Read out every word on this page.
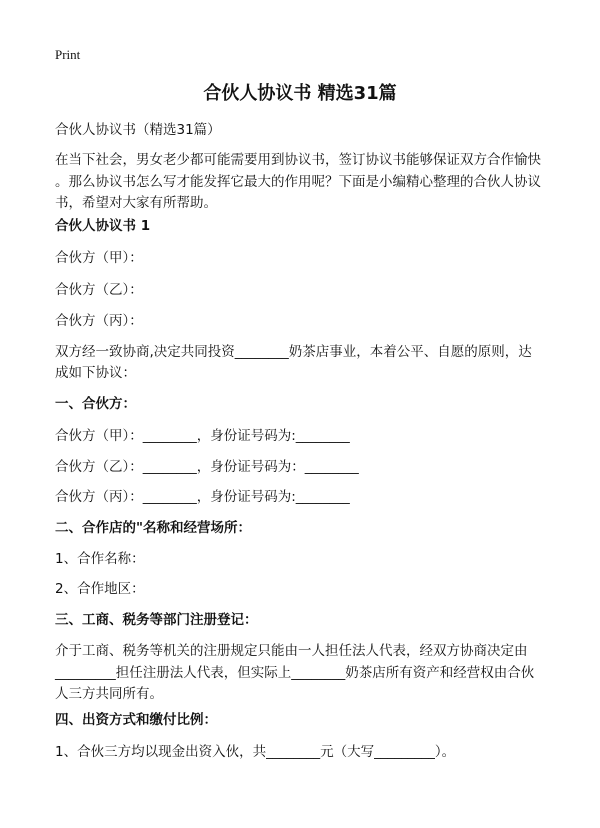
Print
合伙人协议书 精选31篇
合伙人协议书（精选31篇）
在当下社会，男女老少都可能需要用到协议书，签订协议书能够保证双方合作愉快
。那么协议书怎么写才能发挥它最大的作用呢？下面是小编精心整理的合伙人协议
书，希望对大家有所帮助。
合伙人协议书 1
合伙方（甲）：
合伙方（乙）：
合伙方（丙）：
双方经一致协商,决定共同投资________奶茶店事业，本着公平、自愿的原则，达
成如下协议：
一、合伙方：
合伙方（甲）：________，身份证号码为:________
合伙方（乙）：________，身份证号码为：________
合伙方（丙）：________，身份证号码为:________
二、合作店的"名称和经营场所：
1、合作名称：
2、合作地区：
三、工商、税务等部门注册登记：
介于工商、税务等机关的注册规定只能由一人担任法人代表，经双方协商决定由
_________担任注册法人代表，但实际上________奶茶店所有资产和经营权由合伙
人三方共同所有。
四、出资方式和缴付比例：
1、合伙三方均以现金出资入伙，共________元（大写_________）。
